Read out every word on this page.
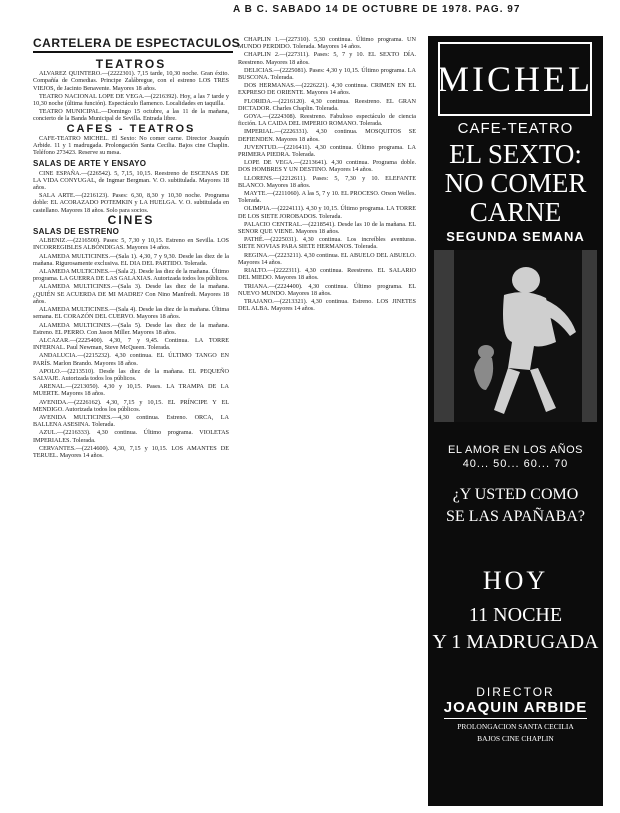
A B C. SABADO 14 DE OCTUBRE DE 1978. PAG. 97
CARTELERA DE ESPECTACULOS
TEATROS

ALVAREZ QUINTERO.—(2222301). 7,15 tarde, 10,30 noche. Gran éxito. Compañía de Comedias. Principe Zalábregue, con el estreno LOS TRES VIEJOS, de Jacinto Benavente. Mayores 18 años.

TEATRO NACIONAL LOPE DE VEGA.—(2216392). Hoy, a las 7 tarde y 10,30 noche (última función). Espectáculo flamenco. Localidades en taquilla.

TEATRO MUNICIPAL.—Domingo 15 octubre, a las 11 de la mañana, concierto de la Banda Municipal de Sevilla. Entrada libre.

CAFES - TEATROS

CAFE-TEATRO MICHEL. El Sexto: No comer carne. Director Joaquín Arbide. 11 y 1 madrugada. Prolongación Santa Cecilia. Bajos cine Chaplin. Teléfono 273423. Reserve su mesa.

SALAS DE ARTE Y ENSAYO

CINE ESPAÑA.—(226542). 5, 7,15, 10,15. Reestreno de ESCENAS DE LA VIDA CONYUGAL, de Ingmar Bergman. V. O. subtitulada. Mayores 18 años.

SALA ARTE.—(2216123). Pases: 6,30, 8,30 y 10,30 noche. Programa doble: EL ACORAZADO POTEMKIN y LA HUELGA. V. O. subtitulada en castellano. Mayores 18 años. Solo para socios.

CINES
SALAS DE ESTRENO

ALBENIZ.—(2216500). Pases: 5, 7,30 y 10,15. Estreno en Sevilla. LOS INCORREGIBLES ALBÓNDIGAS. Mayores 14 años.

ALAMEDA MULTICINES.—(Sala 1). 4,30, 7 y 9,30. Desde las diez de la mañana. Rigurosamente exclusiva. EL DIA DEL PARTIDO. Tolerada.

ALAMEDA MULTICINES.—(Sala 2). Desde las diez de la mañana. Último programa. LA GUERRA DE LAS GALAXIAS. Autorizada todos los públicos.

ALAMEDA MULTICINES.—(Sala 3). Desde las diez de la mañana. ¿QUIÉN SE ACUERDA DE MI MADRE? Con Nino Manfredi. Mayores 18 años.

ALAMEDA MULTICINES.—(Sala 4). Desde las diez de la mañana. Última semana. EL CORAZÓN DEL CUERVO. Mayores 18 años.

ALAMEDA MULTICINES.—(Sala 5). Desde las diez de la mañana. Estreno. EL PERRO. Con Jason Miller. Mayores 18 años.

ALCAZAR.—(2225400). 4,30, 7 y 9,45. Continua. LA TORRE INFERNAL. Paul Newman, Steve McQueen. Tolerada.

ANDALUCIA.—(2215232). 4,30 continua. EL ÚLTIMO TANGO EN PARÍS. Marlon Brando. Mayores 18 años.

APOLO.—(2213510). Desde las diez de la mañana. EL PEQUEÑO SALVAJE. Autorizada todos los públicos.

ARENAL.—(2213050). 4,30 y 10,15. Pases. LA TRAMPA DE LA MUERTE. Mayores 18 años.

AVENIDA.—(2226162). 4,30, 7,15 y 10,15. EL PRÍNCIPE Y EL MENDIGO. Autorizada todos los públicos.

AVENIDA MULTICINES.—4,30 continua. Estreno. ORCA, LA BALLENA ASESINA. Tolerada.

AZUL.—(2216333). 4,30 continua. Último programa. VIOLETAS IMPERIALES. Tolerada.

CERVANTES.—(2214600). 4,30, 7,15 y 10,15. LOS AMANTES DE TERUEL. Mayores 14 años.

CHAPLIN 1.—(227310). 5,30 continua. Último programa. UN MUNDO PERDIDO. Tolerada. Mayores 14 años.

CHAPLIN 2.—(227311). Pases: 5, 7 y 10. EL SEXTO DÍA. Reestreno. Mayores 18 años.

DELICIAS.—(2225081). Pases: 4,30 y 10,15. Último programa. LA BUSCONA. Tolerada.

DOS HERMANAS.—(2226221). 4,30 continua. CRIMEN EN EL EXPRESO DE ORIENTE. Mayores 14 años.

FLORIDA.—(2216120). 4,30 continua. Reestreno. EL GRAN DICTADOR. Charles Chaplin. Tolerada.

GOYA.—(2224308). Reestreno. Fabuloso espectáculo de ciencia ficción. LA CAIDA DEL IMPERIO ROMANO. Tolerada.

IMPERIAL.—(2226331). 4,30 continua. MOSQUITOS SE DEFIENDEN. Mayores 18 años.

JUVENTUD.—(2216411). 4,30 continua. Último programa. LA PRIMERA PIEDRA. Tolerada.

LOPE DE VEGA.—(2213641). 4,30 continua. Programa doble. DOS HOMBRES Y UN DESTINO. Mayores 14 años.

LLORENS.—(2212611). Pases: 5, 7,30 y 10. ELEFANTE BLANCO. Mayores 18 años.

MAYTE.—(2211060). A las 5, 7 y 10. EL PROCESO. Orson Welles. Tolerada.

OLIMPIA.—(2224111). 4,30 y 10,15. Último programa. LA TORRE DE LOS SIETE JOROBADOS. Tolerada.

PALACIO CENTRAL.—(2218541). Desde las 10 de la mañana. EL SENOR QUE VIENE. Mayores 18 años.

PATHÉ.—(2225031). 4,30 continua. Los increíbles aventuras. SIETE NOVIAS PARA SIETE HERMANOS. Tolerada.

REGINA.—(2223211). 4,30 continua. EL ABUELO DEL ABUELO. Mayores 14 años.

RIALTO.—(2222311). 4,30 continua. Reestreno. EL SALARIO DEL MIEDO. Mayores 18 años.

TRIANA.—(2224400). 4,30 continua. Último programa. EL NUEVO MUNDO. Mayores 18 años.

TRAJANO.—(2213321). 4,30 continua. Estreno. LOS JINETES DEL ALBA. Mayores 14 años.

MICHEL
CAFE-TEATRO
EL SEXTO:
NO COMER
CARNE
SEGUNDA SEMANA
EL AMOR EN LOS AÑOS
40... 50... 60... 70
¿Y USTED COMO
SE LAS APAÑABA?
HOY
11 NOCHE
Y 1 MADRUGADA
DIRECTOR
JOAQUIN ARBIDE
PROLONGACION SANTA CECILIA
BAJOS CINE CHAPLIN
